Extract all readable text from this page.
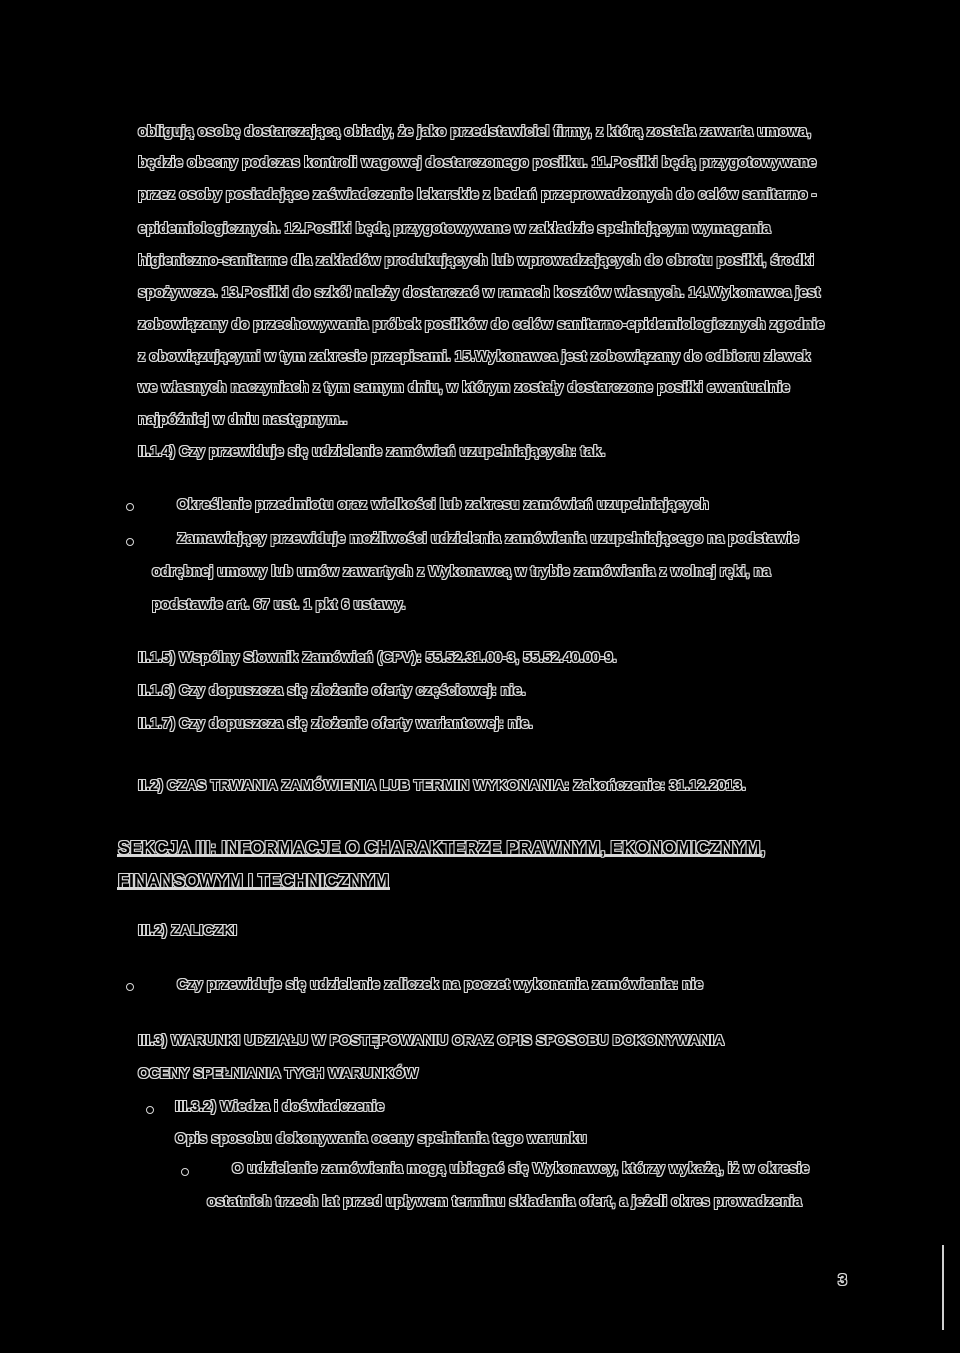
obligują osobę dostarczającą obiady, że jako przedstawiciel firmy, z którą została zawarta umowa,
będzie obecny podczas kontroli wagowej dostarczonego posiłku. 11.Posiłki będą przygotowywane
przez osoby posiadające zaświadczenie lekarskie z badań przeprowadzonych do celów sanitarno -
epidemiologicznych. 12.Posiłki będą przygotowywane w zakładzie spełniającym wymagania
higieniczno-sanitarne dla zakładów produkujących lub wprowadzających do obrotu posiłki, środki
spożywcze. 13.Posiłki do szkół należy dostarczać w ramach kosztów własnych. 14.Wykonawca jest
zobowiązany do przechowywania próbek posiłków do celów sanitarno-epidemiologicznych zgodnie
z obowiązującymi w tym zakresie przepisami. 15.Wykonawca jest zobowiązany do odbioru zlewek
we własnych naczyniach z tym samym dniu, w którym zostały dostarczone posiłki ewentualnie
najpóźniej w dniu następnym..
II.1.4) Czy przewiduje się udzielenie zamówień uzupełniających: tak.
Określenie przedmiotu oraz wielkości lub zakresu zamówień uzupełniających
Zamawiający przewiduje możliwości udzielenia zamówienia uzupełniającego na podstawie
odrębnej umowy lub umów zawartych z Wykonawcą w trybie zamówienia z wolnej ręki, na
podstawie art. 67 ust. 1 pkt 6 ustawy.
II.1.5) Wspólny Słownik Zamówień (CPV): 55.52.31.00-3, 55.52.40.00-9.
II.1.6) Czy dopuszcza się złożenie oferty częściowej: nie.
II.1.7) Czy dopuszcza się złożenie oferty wariantowej: nie.
II.2) CZAS TRWANIA ZAMÓWIENIA LUB TERMIN WYKONANIA: Zakończenie: 31.12.2013.
SEKCJA III: INFORMACJE O CHARAKTERZE PRAWNYM, EKONOMICZNYM,
FINANSOWYM I TECHNICZNYM
III.2) ZALICZKI
Czy przewiduje się udzielenie zaliczek na poczet wykonania zamówienia: nie
III.3) WARUNKI UDZIAŁU W POSTĘPOWANIU ORAZ OPIS SPOSOBU DOKONYWANIA
OCENY SPEŁNIANIA TYCH WARUNKÓW
III.3.2) Wiedza i doświadczenie
Opis sposobu dokonywania oceny spełniania tego warunku
O udzielenie zamówienia mogą ubiegać się Wykonawcy, którzy wykażą, iż w okresie
ostatnich trzech lat przed upływem terminu składania ofert, a jeżeli okres prowadzenia
3
